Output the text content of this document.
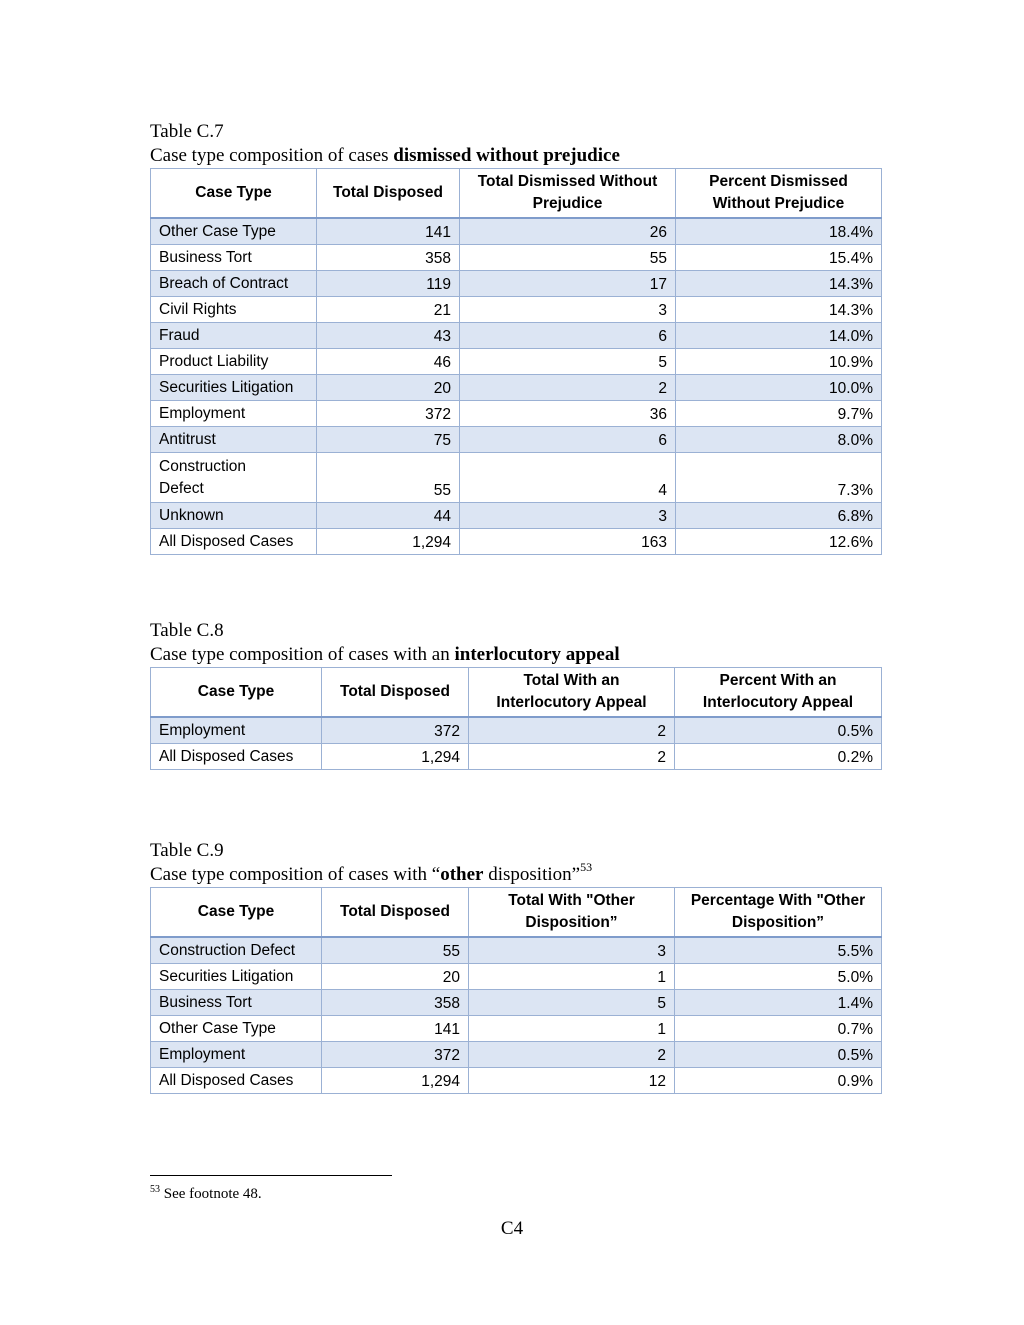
Table C.7
Case type composition of cases dismissed without prejudice
Case Type	Total Disposed	Total Dismissed Without Prejudice	Percent Dismissed Without Prejudice
Other Case Type	141	26	18.4%
Business Tort	358	55	15.4%
Breach of Contract	119	17	14.3%
Civil Rights	21	3	14.3%
Fraud	43	6	14.0%
Product Liability	46	5	10.9%
Securities Litigation	20	2	10.0%
Employment	372	36	9.7%
Antitrust	75	6	8.0%
Construction Defect	55	4	7.3%
Unknown	44	3	6.8%
All Disposed Cases	1,294	163	12.6%
Table C.8
Case type composition of cases with an interlocutory appeal
Case Type	Total Disposed	Total With an Interlocutory Appeal	Percent With an Interlocutory Appeal
Employment	372	2	0.5%
All Disposed Cases	1,294	2	0.2%
Table C.9
Case type composition of cases with “other disposition”$^{53}$
Case Type	Total Disposed	Total With "Other Disposition”	Percentage With "Other Disposition”
Construction Defect	55	3	5.5%
Securities Litigation	20	1	5.0%
Business Tort	358	5	1.4%
Other Case Type	141	1	0.7%
Employment	372	2	0.5%
All Disposed Cases	1,294	12	0.9%
$^{53}$ See footnote 48.
C4
